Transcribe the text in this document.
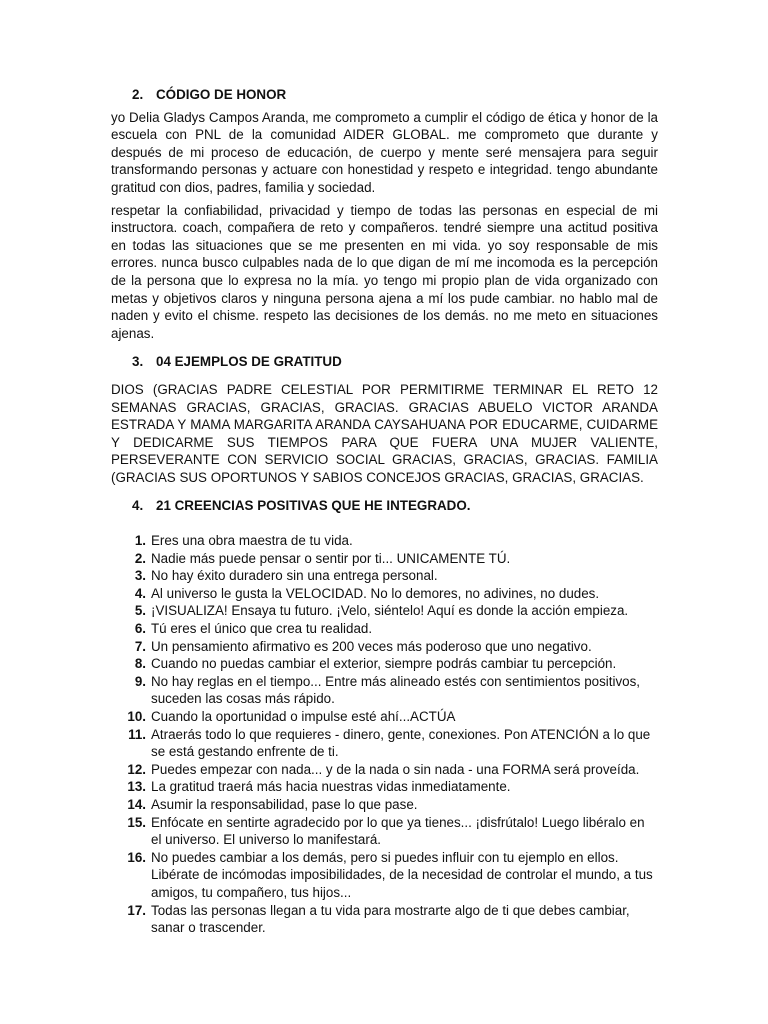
2. CÓDIGO DE HONOR

yo Delia Gladys Campos Aranda, me comprometo a cumplir el código de ética y honor de la escuela con PNL de la comunidad AIDER GLOBAL. me comprometo que durante y después de mi proceso de educación, de cuerpo y mente seré mensajera para seguir transformando personas y actuare con honestidad y respeto e integridad. tengo abundante gratitud con dios, padres, familia y sociedad.

respetar la confiabilidad, privacidad y tiempo de todas las personas en especial de mi instructora. coach, compañera de reto y compañeros. tendré siempre una actitud positiva en todas las situaciones que se me presenten en mi vida. yo soy responsable de mis errores. nunca busco culpables nada de lo que digan de mí me incomoda es la percepción de la persona que lo expresa no la mía. yo tengo mi propio plan de vida organizado con metas y objetivos claros y ninguna persona ajena a mí los pude cambiar. no hablo mal de naden y evito el chisme. respeto las decisiones de los demás. no me meto en situaciones ajenas.

3. 04 EJEMPLOS DE GRATITUD

DIOS (GRACIAS PADRE CELESTIAL POR PERMITIRME TERMINAR EL RETO 12 SEMANAS GRACIAS, GRACIAS, GRACIAS. GRACIAS ABUELO VICTOR ARANDA ESTRADA Y MAMA MARGARITA ARANDA CAYSAHUANA POR EDUCARME, CUIDARME Y DEDICARME SUS TIEMPOS PARA QUE FUERA UNA MUJER VALIENTE, PERSEVERANTE CON SERVICIO SOCIAL GRACIAS, GRACIAS, GRACIAS. FAMILIA (GRACIAS SUS OPORTUNOS Y SABIOS CONCEJOS GRACIAS, GRACIAS, GRACIAS.

4. 21 CREENCIAS POSITIVAS QUE HE INTEGRADO.
1. Eres una obra maestra de tu vida.
2. Nadie más puede pensar o sentir por ti... UNICAMENTE TÚ.
3. No hay éxito duradero sin una entrega personal.
4. Al universo le gusta la VELOCIDAD. No lo demores, no adivines, no dudes.
5. ¡VISUALIZA! Ensaya tu futuro. ¡Velo, siéntelo! Aquí es donde la acción empieza.
6. Tú eres el único que crea tu realidad.
7. Un pensamiento afirmativo es 200 veces más poderoso que uno negativo.
8. Cuando no puedas cambiar el exterior, siempre podrás cambiar tu percepción.
9. No hay reglas en el tiempo... Entre más alineado estés con sentimientos positivos, suceden las cosas más rápido.
10. Cuando la oportunidad o impulse esté ahí...ACTÚA
11. Atraerás todo lo que requieres - dinero, gente, conexiones. Pon ATENCIÓN a lo que se está gestando enfrente de ti.
12. Puedes empezar con nada... y de la nada o sin nada - una FORMA será proveída.
13. La gratitud traerá más hacia nuestras vidas inmediatamente.
14. Asumir la responsabilidad, pase lo que pase.
15. Enfócate en sentirte agradecido por lo que ya tienes... ¡disfrútalo! Luego libéralo en el universo. El universo lo manifestará.
16. No puedes cambiar a los demás, pero si puedes influir con tu ejemplo en ellos. Libérate de incómodas imposibilidades, de la necesidad de controlar el mundo, a tus amigos, tu compañero, tus hijos...
17. Todas las personas llegan a tu vida para mostrarte algo de ti que debes cambiar, sanar o trascender.
